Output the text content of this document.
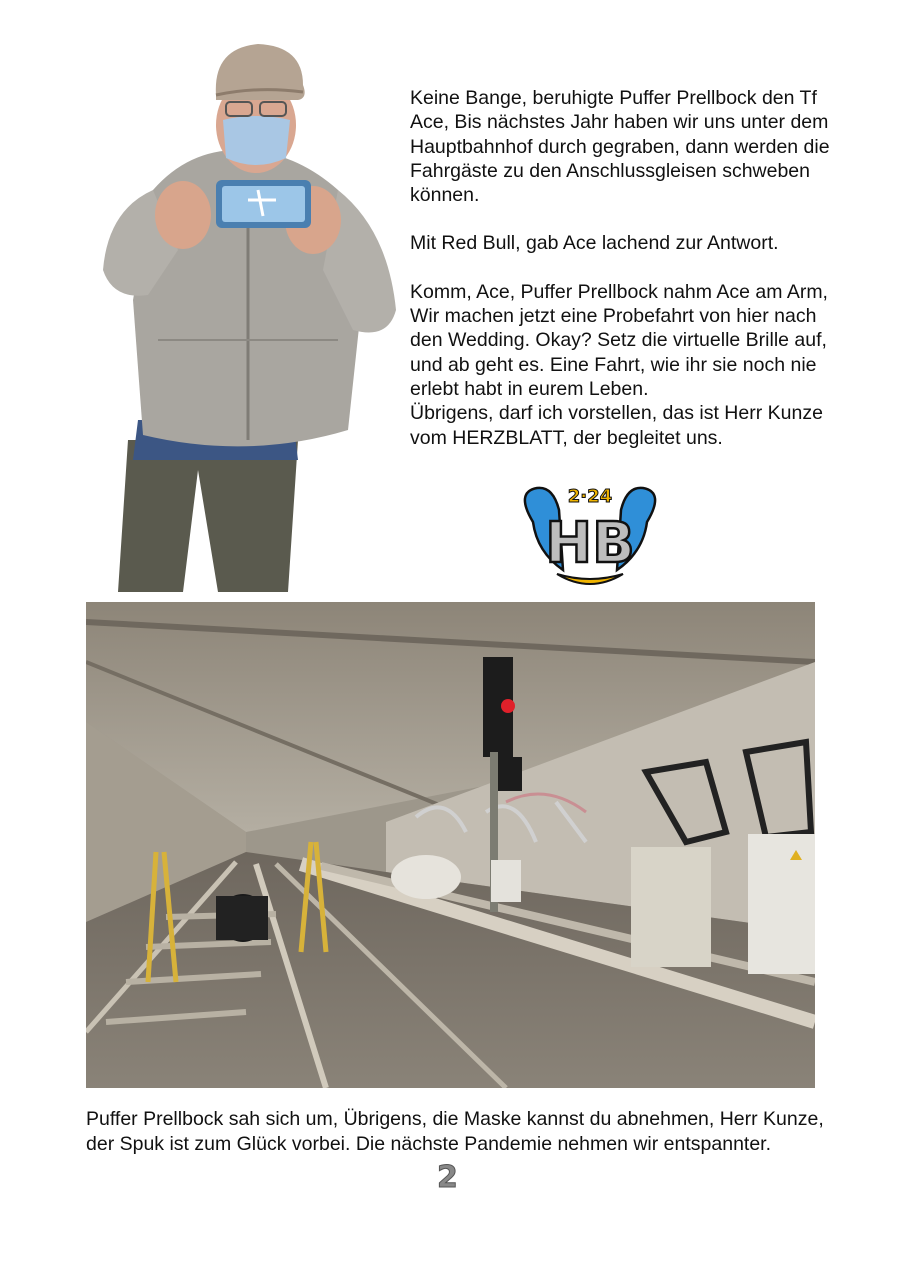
Keine Bange, beruhigte Puffer Prellbock den Tf Ace, Bis nächstes Jahr haben wir uns unter dem Hauptbahnhof durch gegraben, dann werden die Fahrgäste zu den Anschlussgleisen schweben können.

Mit Red Bull, gab Ace lachend zur Antwort.

Komm, Ace, Puffer Prellbock nahm Ace am Arm, Wir machen jetzt eine Probefahrt von hier nach den Wedding. Okay? Setz die virtuelle Brille auf, und ab geht es. Eine Fahrt, wie ihr sie noch nie erlebt habt in eurem Leben.

Übrigens, darf ich vorstellen, das ist Herr Kunze vom HERZBLATT, der begleitet uns.

2·24
HB
Puffer Prellbock sah sich um, Übrigens, die Maske kannst du abnehmen, Herr Kunze, der Spuk ist zum Glück vorbei. Die nächste Pandemie nehmen wir entspannter.
2
